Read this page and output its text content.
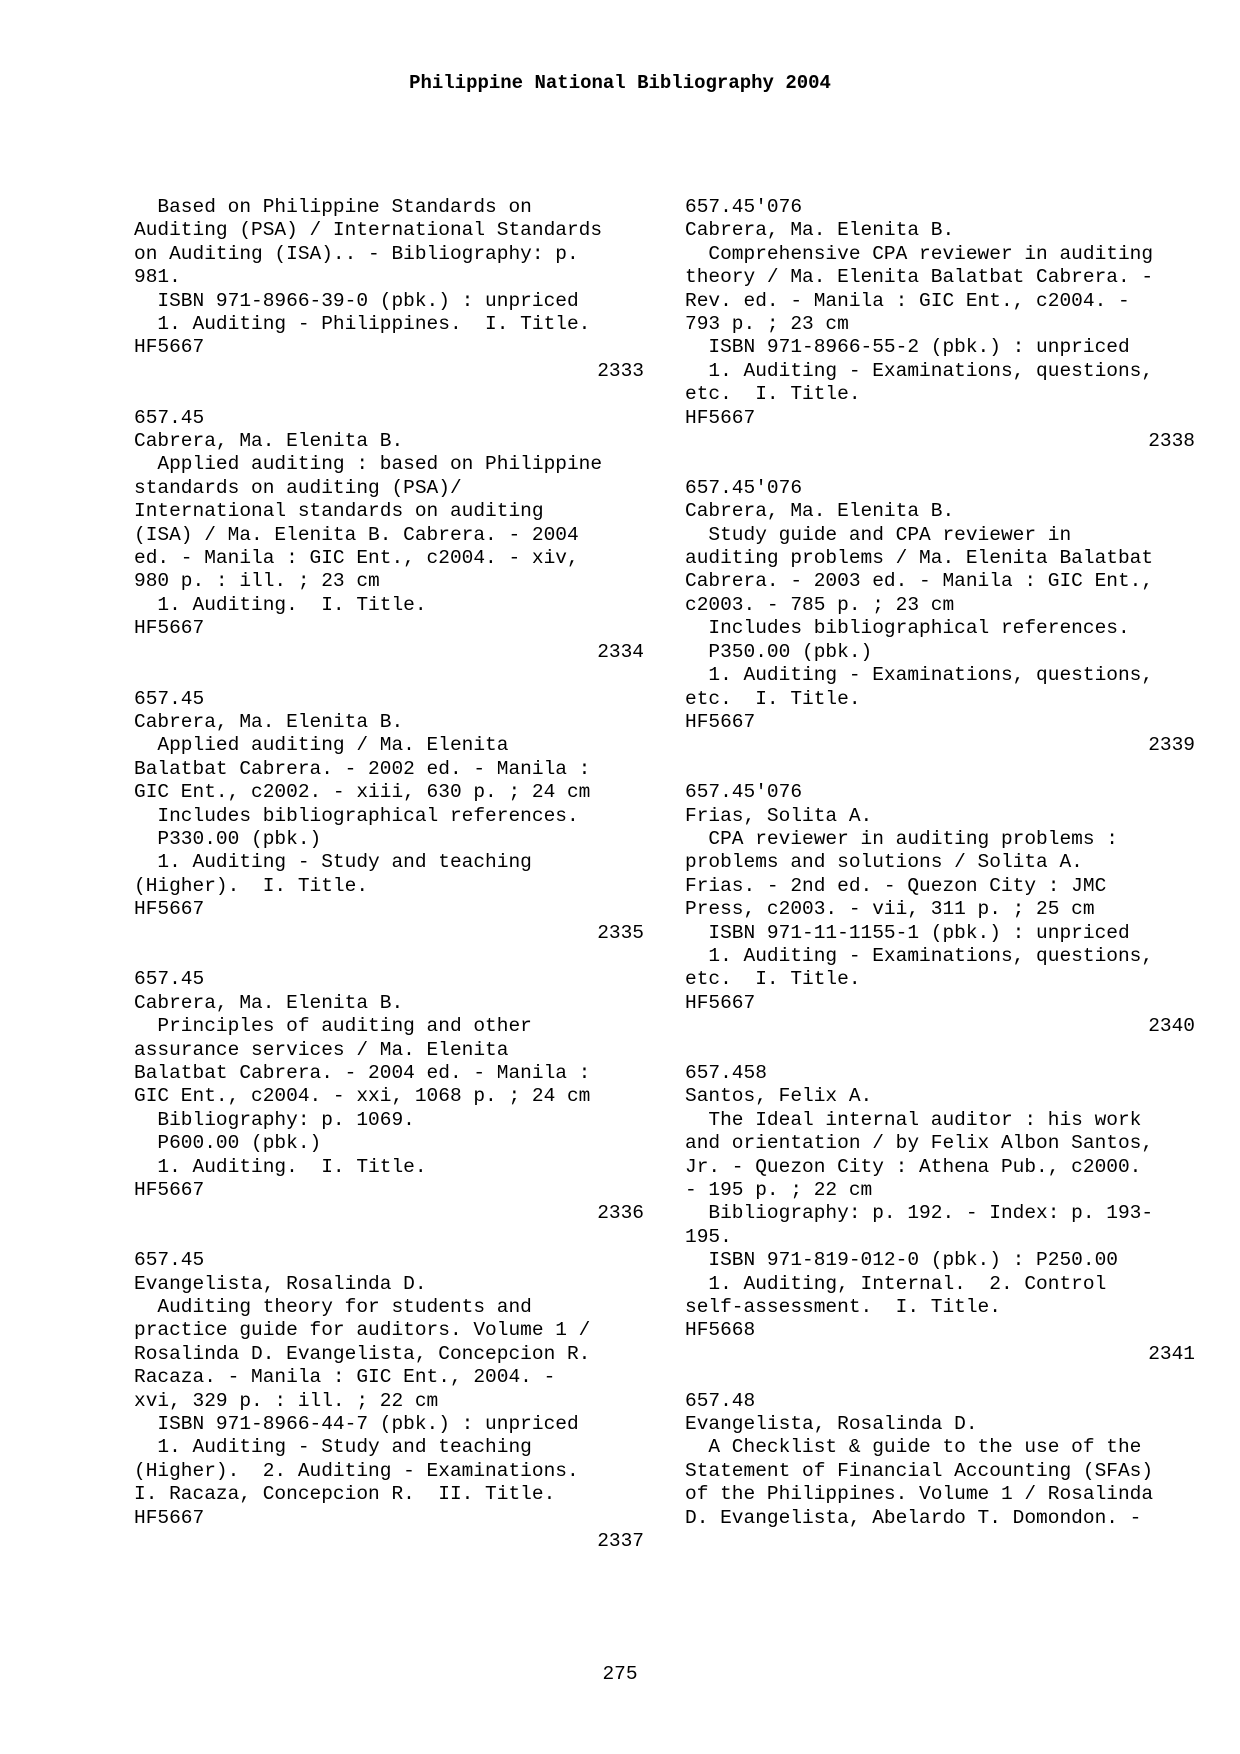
Philippine National Bibliography 2004
Based on Philippine Standards on
Auditing (PSA) / International Standards
on Auditing (ISA).. - Bibliography: p.
981.
ISBN 971-8966-39-0 (pbk.) : unpriced
1. Auditing - Philippines.  I. Title.
HF5667
2333
657.45
Cabrera, Ma. Elenita B.
Applied auditing : based on Philippine
standards on auditing (PSA)/
International standards on auditing
(ISA) / Ma. Elenita B. Cabrera. - 2004
ed. - Manila : GIC Ent., c2004. - xiv,
980 p. : ill. ; 23 cm
1. Auditing.  I. Title.
HF5667
2334
657.45
Cabrera, Ma. Elenita B.
Applied auditing / Ma. Elenita
Balatbat Cabrera. - 2002 ed. - Manila :
GIC Ent., c2002. - xiii, 630 p. ; 24 cm
Includes bibliographical references.
P330.00 (pbk.)
1. Auditing - Study and teaching
(Higher).  I. Title.
HF5667
2335
657.45
Cabrera, Ma. Elenita B.
Principles of auditing and other
assurance services / Ma. Elenita
Balatbat Cabrera. - 2004 ed. - Manila :
GIC Ent., c2004. - xxi, 1068 p. ; 24 cm
Bibliography: p. 1069.
P600.00 (pbk.)
1. Auditing.  I. Title.
HF5667
2336
657.45
Evangelista, Rosalinda D.
Auditing theory for students and
practice guide for auditors. Volume 1 /
Rosalinda D. Evangelista, Concepcion R.
Racaza. - Manila : GIC Ent., 2004. -
xvi, 329 p. : ill. ; 22 cm
ISBN 971-8966-44-7 (pbk.) : unpriced
1. Auditing - Study and teaching
(Higher).  2. Auditing - Examinations.
I. Racaza, Concepcion R.  II. Title.
HF5667
2337
657.45'076
Cabrera, Ma. Elenita B.
Comprehensive CPA reviewer in auditing
theory / Ma. Elenita Balatbat Cabrera. -
Rev. ed. - Manila : GIC Ent., c2004. -
793 p. ; 23 cm
ISBN 971-8966-55-2 (pbk.) : unpriced
1. Auditing - Examinations, questions,
etc.  I. Title.
HF5667
2338
657.45'076
Cabrera, Ma. Elenita B.
Study guide and CPA reviewer in
auditing problems / Ma. Elenita Balatbat
Cabrera. - 2003 ed. - Manila : GIC Ent.,
c2003. - 785 p. ; 23 cm
Includes bibliographical references.
P350.00 (pbk.)
1. Auditing - Examinations, questions,
etc.  I. Title.
HF5667
2339
657.45'076
Frias, Solita A.
CPA reviewer in auditing problems :
problems and solutions / Solita A.
Frias. - 2nd ed. - Quezon City : JMC
Press, c2003. - vii, 311 p. ; 25 cm
ISBN 971-11-1155-1 (pbk.) : unpriced
1. Auditing - Examinations, questions,
etc.  I. Title.
HF5667
2340
657.458
Santos, Felix A.
The Ideal internal auditor : his work
and orientation / by Felix Albon Santos,
Jr. - Quezon City : Athena Pub., c2000.
- 195 p. ; 22 cm
Bibliography: p. 192. - Index: p. 193-
195.
ISBN 971-819-012-0 (pbk.) : P250.00
1. Auditing, Internal.  2. Control
self-assessment.  I. Title.
HF5668
2341
657.48
Evangelista, Rosalinda D.
A Checklist & guide to the use of the
Statement of Financial Accounting (SFAs)
of the Philippines. Volume 1 / Rosalinda
D. Evangelista, Abelardo T. Domondon. -
275
